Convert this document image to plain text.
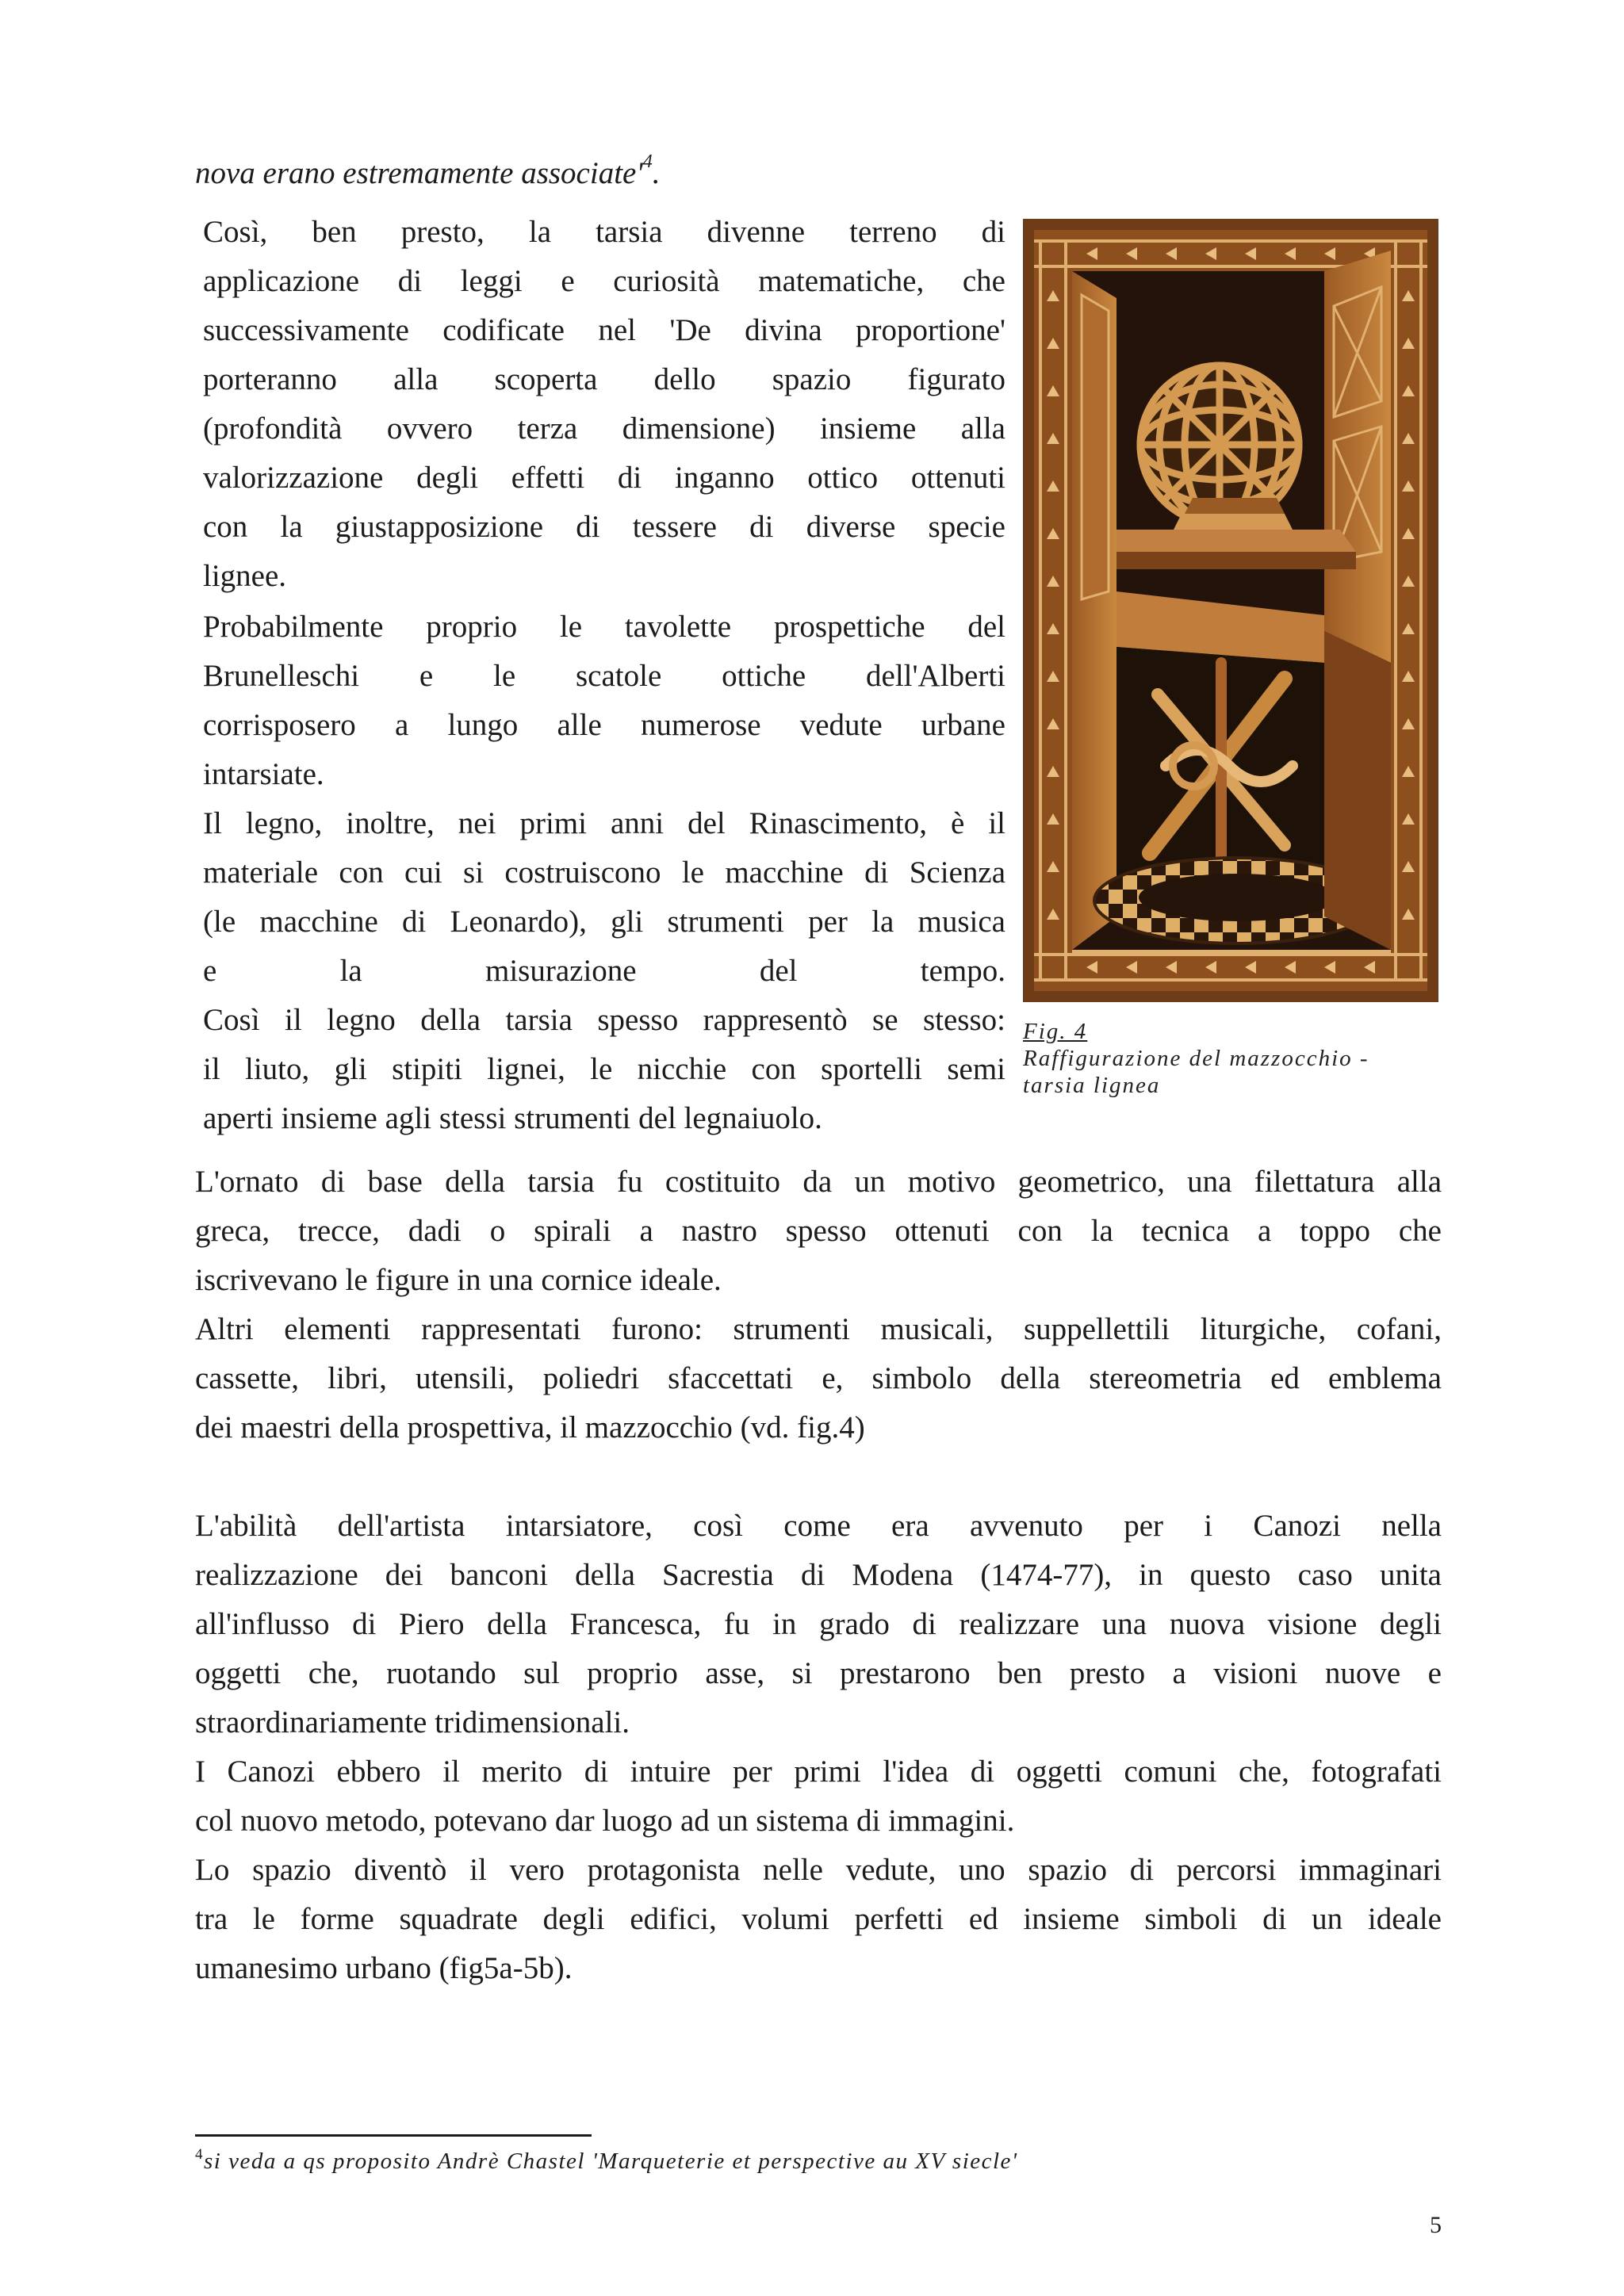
nova erano estremamente $associate'^4$.

Così, ben presto, la tarsia divenne terreno di
applicazione di leggi e curiosità matematiche, che
successivamente codificate nel 'De divina proportione'
porteranno alla scoperta dello spazio figurato
(profondità ovvero terza dimensione) insieme alla
valorizzazione degli effetti di inganno ottico ottenuti
con la giustapposizione di tessere di diverse specie
lignee.

Probabilmente proprio le tavolette prospettiche del
Brunelleschi e le scatole ottiche dell'Alberti
corrisposero a lungo alle numerose vedute urbane
intarsiate.

Il legno, inoltre, nei primi anni del Rinascimento, è il
materiale con cui si costruiscono le macchine di Scienza
(le macchine di Leonardo), gli strumenti per la musica
e la misurazione del tempo.
Così il legno della tarsia spesso rappresentò se stesso:
il liuto, gli stipiti lignei, le nicchie con sportelli semi
aperti insieme agli stessi strumenti del legnaiuolo.

L'ornato di base della tarsia fu costituito da un motivo geometrico, una filettatura alla
greca, trecce, dadi o spirali a nastro spesso ottenuti con la tecnica a toppo che
iscrivevano le figure in una cornice ideale.

Altri elementi rappresentati furono: strumenti musicali, suppellettili liturgiche, cofani,
cassette, libri, utensili, poliedri sfaccettati e, simbolo della stereometria ed emblema
dei maestri della prospettiva, il mazzocchio (vd. fig.4)

L'abilità dell'artista intarsiatore, così come era avvenuto per i Canozi nella
realizzazione dei banconi della Sacrestia di Modena (1474-77), in questo caso unita
all'influsso di Piero della Francesca, fu in grado di realizzare una nuova visione degli
oggetti che, ruotando sul proprio asse, si prestarono ben presto a visioni nuove e
straordinariamente tridimensionali.

I Canozi ebbero il merito di intuire per primi l'idea di oggetti comuni che, fotografati
col nuovo metodo, potevano dar luogo ad un sistema di immagini.

Lo spazio diventò il vero protagonista nelle vedute, uno spazio di percorsi immaginari
tra le forme squadrate degli edifici, volumi perfetti ed insieme simboli di un ideale
umanesimo urbano (fig5a-5b).

Fig. 4

Raffigurazione del mazzocchio -

tarsia lignea

$^4$si veda a qs proposito Andrè Chastel 'Marqueterie et perspective au XV siecle'

5
